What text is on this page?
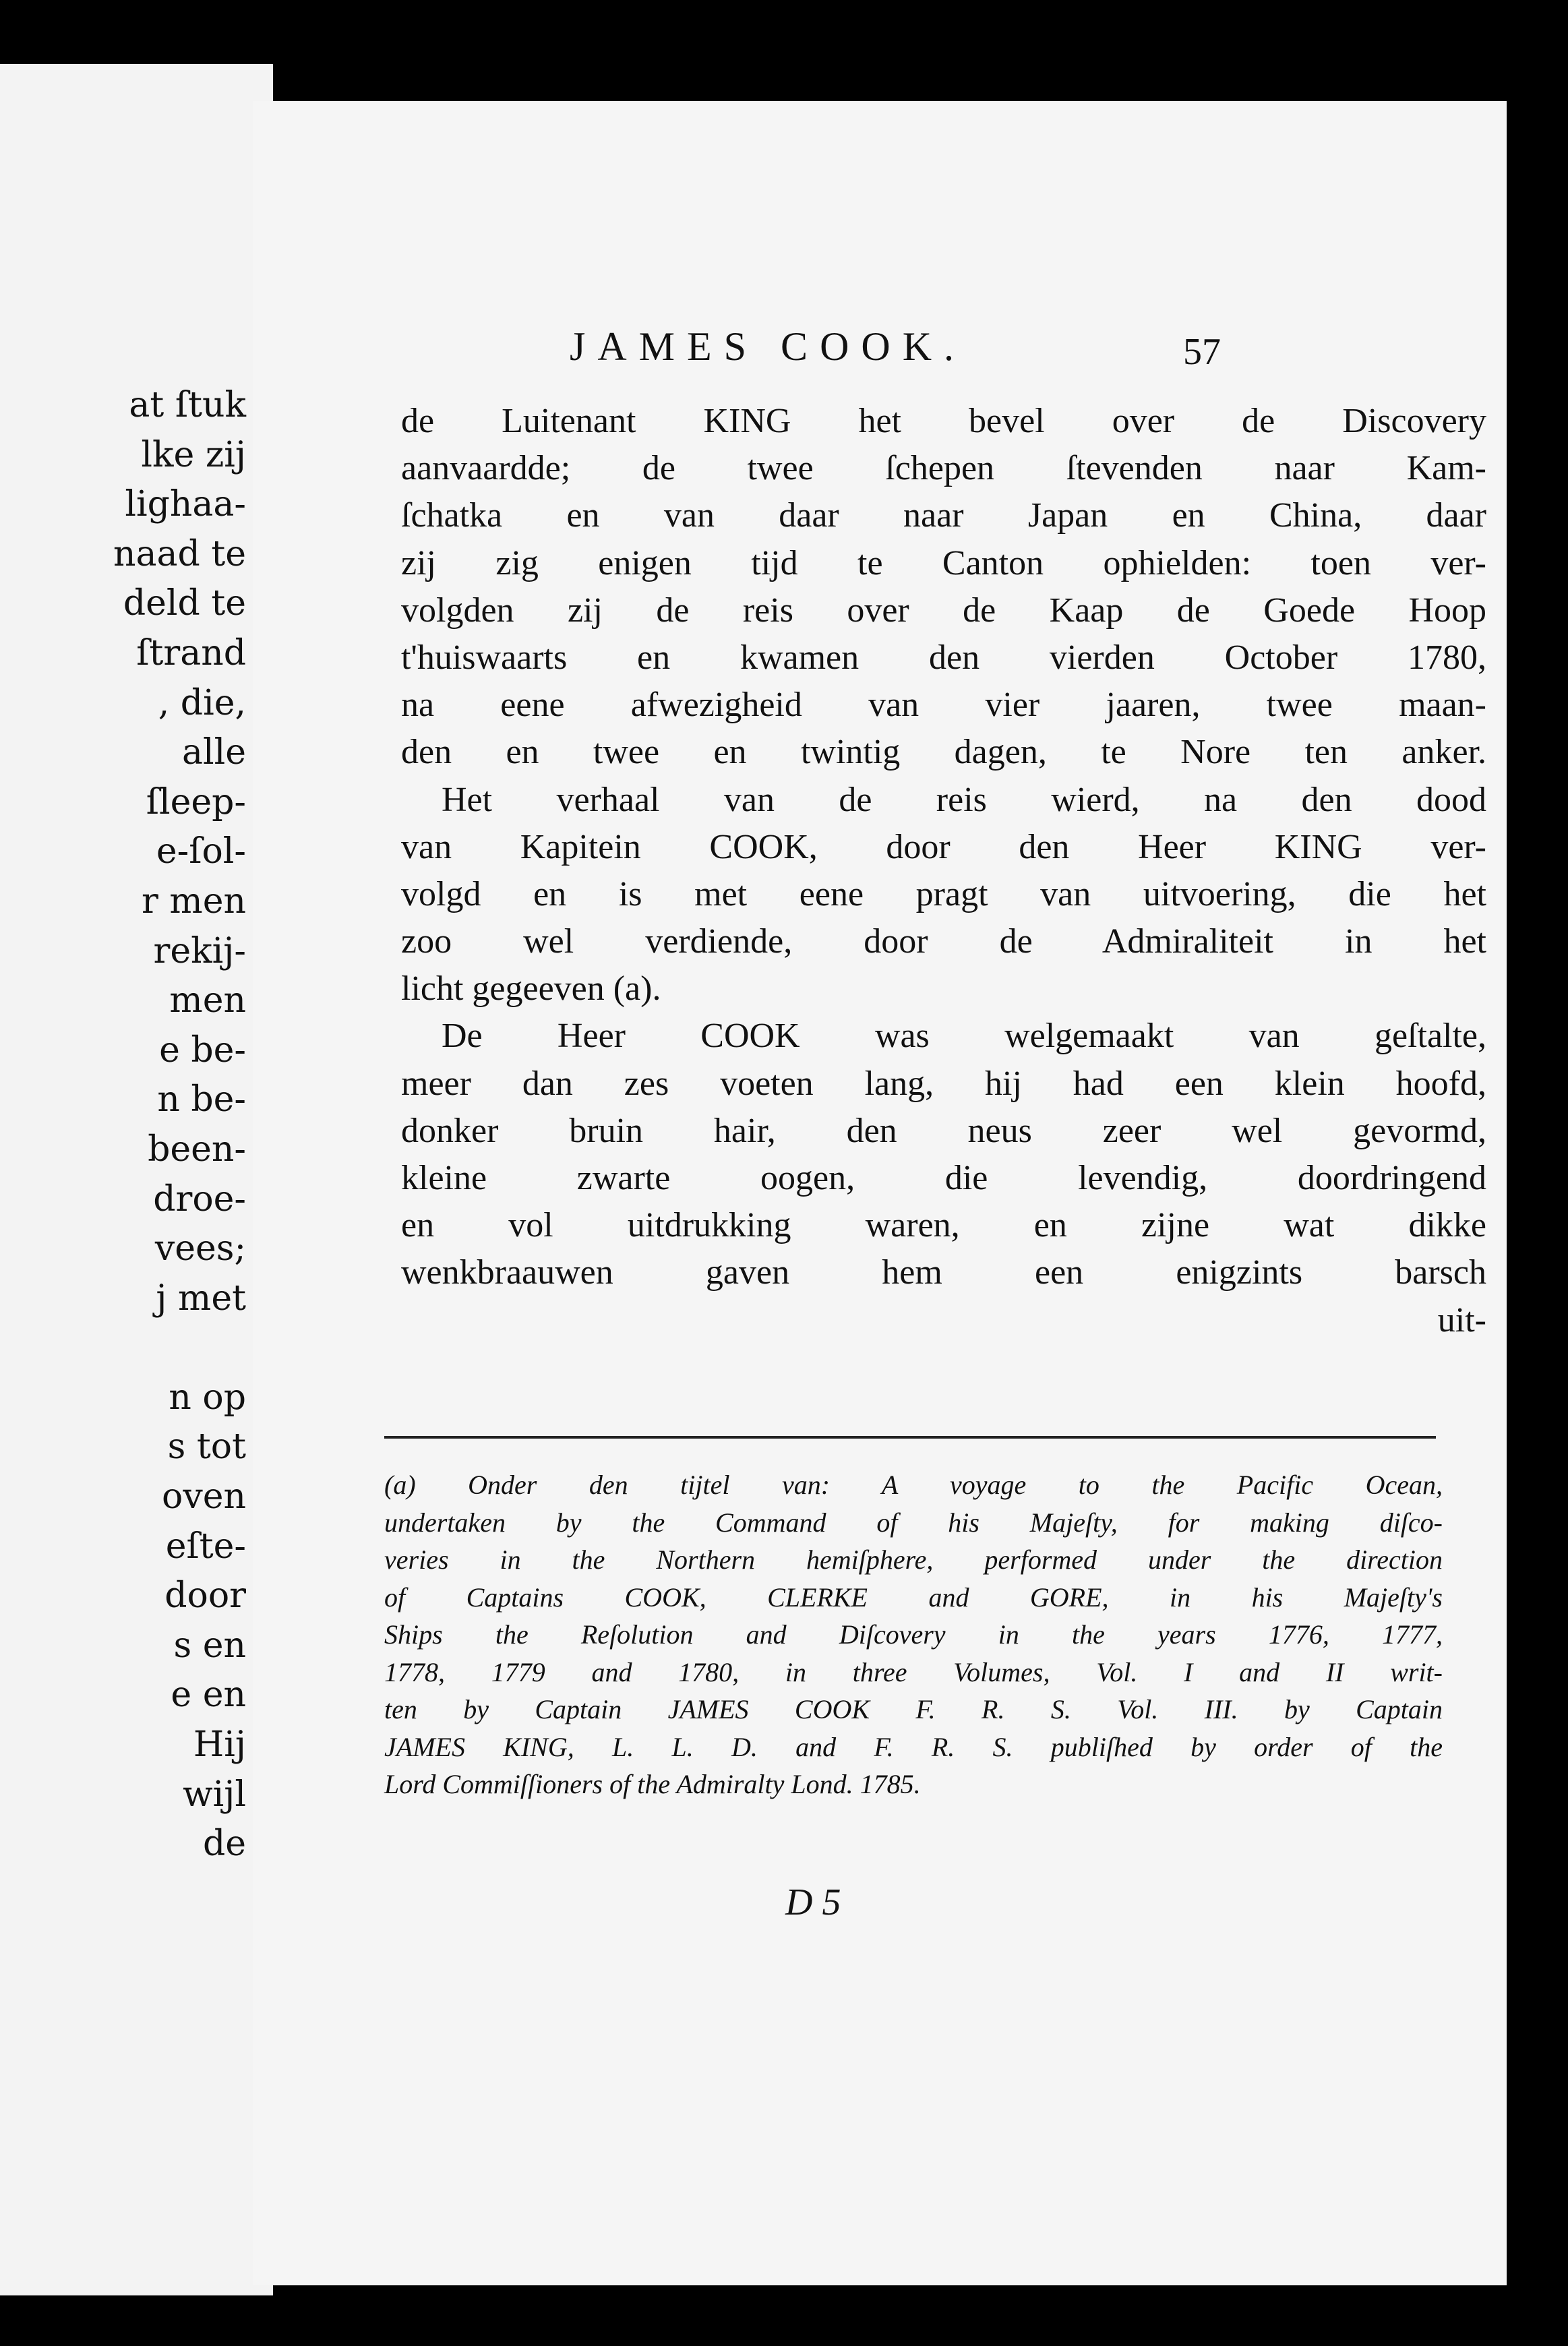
at ſtuk
lke zij
lighaa-
naad te
deld te
ſtrand
, die,
alle
ſleep-
e-ſol-
r men
rekij-
men
e be-
n be-
been-
droe-
vees;
j met

n op
s tot
oven
eſte-
door
s en
e en
Hij
wijl
de
JAMES COOK.	57
de Luitenant KING het bevel over de Discovery
aanvaardde; de twee ſchepen ſtevenden naar Kam-
ſchatka en van daar naar Japan en China, daar
zij zig enigen tijd te Canton ophielden: toen ver-
volgden zij de reis over de Kaap de Goede Hoop
t'huiswaarts en kwamen den vierden October 1780,
na eene afwezigheid van vier jaaren, twee maan-
den en twee en twintig dagen, te Nore ten anker.
Het verhaal van de reis wierd, na den dood
van Kapitein COOK, door den Heer KING ver-
volgd en is met eene pragt van uitvoering, die het
zoo wel verdiende, door de Admiraliteit in het
licht gegeeven (a).
De Heer COOK was welgemaakt van geſtalte,
meer dan zes voeten lang, hij had een klein hoofd,
donker bruin hair, den neus zeer wel gevormd,
kleine zwarte oogen, die levendig, doordringend
en vol uitdrukking waren, en zijne wat dikke
wenkbraauwen gaven hem een enigzints barsch
uit-
(a) Onder den tijtel van: A voyage to the Pacific Ocean,
undertaken by the Command of his Majeſty, for making diſco-
veries in the Northern hemiſphere, performed under the direction
of Captains COOK, CLERKE and GORE, in his Majeſty's
Ships the Reſolution and Diſcovery in the years 1776, 1777,
1778, 1779 and 1780, in three Volumes, Vol. I and II writ-
ten by Captain JAMES COOK F. R. S. Vol. III. by Captain
JAMES KING, L. L. D. and F. R. S. publiſhed by order of the
Lord Commiſſioners of the Admiralty Lond. 1785.
D 5
